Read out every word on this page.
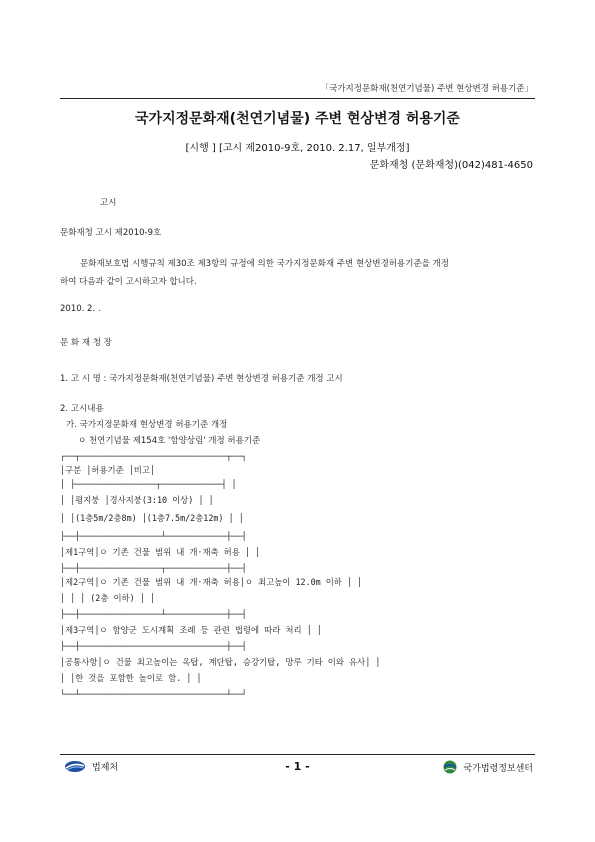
「국가지정문화재(천연기념물) 주변 현상변경 허용기준」
국가지정문화재(천연기념물) 주변 현상변경 허용기준
[시행 ] [고시 제2010-9호, 2010. 2.17, 일부개정]
문화재청 (문화재청)(042)481-4650
고시
문화재청 고시 제2010-9호
문화재보호법 시행규칙 제30조 제3항의 규정에 의한 국가지정문화재 주변 현상변경허용기준을 개정
하여 다음과 같이 고시하고자 합니다.
2010. 2. .
문 화 재 청 장
1. 고 시 명 : 국가지정문화재(천연기념물) 주변 현상변경 허용기준 개정 고시
2. 고시내용
가. 국가지정문화재 현상변경 허용기준 개정
ㅇ 천연기념물 제154호 '함양상림' 개정 허용기준
┌──┬─────────────────────────────┬──┐
│구분 │허용기준 │비고│
│ ├────────────────┬────────────┤ │
│ │평지붕 │경사지붕(3:10 이상) │ │
│ │(1층5m/2층8m) │(1층7.5m/2층12m) │ │
├──┼────────────────┴────────────┼──┤
│제1구역│ㅇ 기존 건물 범위 내 개·재축 허용 │ │
├──┼────────────────┬────────────┼──┤
│제2구역│ㅇ 기존 건물 범위 내 개·재축 허용│ㅇ 최고높이 12.0m 이하 │ │
│ │ │ (2층 이하) │ │
├──┼────────────────┴────────────┼──┤
│제3구역│ㅇ 함양군 도시계획 조례 등 관련 법령에 따라 처리 │ │
├──┼─────────────────────────────┼──┤
│공통사항│ㅇ 건물 최고높이는 옥탑, 계단탑, 승강기탑, 망루 기타 이와 유사│ │
│ │한 것을 포함한 높이로 함. │ │
└──┴─────────────────────────────┴──┘
법제처	- 1 -	국가법령정보센터
